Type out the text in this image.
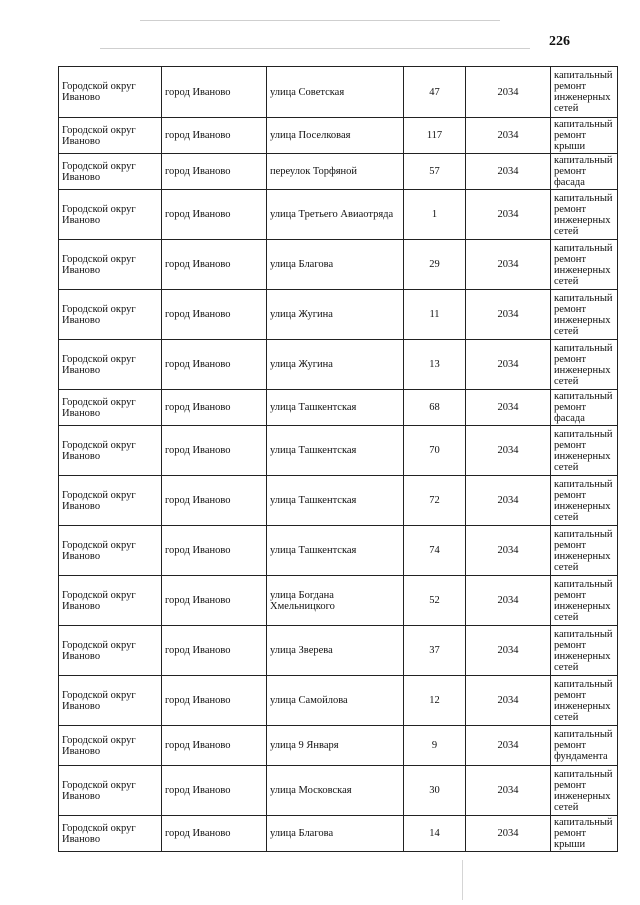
226
Городской округ Иваново	город Иваново	улица Советская	47	2034	капитальный ремонт инженерных сетей
Городской округ Иваново	город Иваново	улица Поселковая	117	2034	капитальный ремонт крыши
Городской округ Иваново	город Иваново	переулок Торфяной	57	2034	капитальный ремонт фасада
Городской округ Иваново	город Иваново	улица Третьего Авиаотряда	1	2034	капитальный ремонт инженерных сетей
Городской округ Иваново	город Иваново	улица Благова	29	2034	капитальный ремонт инженерных сетей
Городской округ Иваново	город Иваново	улица Жугина	11	2034	капитальный ремонт инженерных сетей
Городской округ Иваново	город Иваново	улица Жугина	13	2034	капитальный ремонт инженерных сетей
Городской округ Иваново	город Иваново	улица Ташкентская	68	2034	капитальный ремонт фасада
Городской округ Иваново	город Иваново	улица Ташкентская	70	2034	капитальный ремонт инженерных сетей
Городской округ Иваново	город Иваново	улица Ташкентская	72	2034	капитальный ремонт инженерных сетей
Городской округ Иваново	город Иваново	улица Ташкентская	74	2034	капитальный ремонт инженерных сетей
Городской округ Иваново	город Иваново	улица Богдана Хмельницкого	52	2034	капитальный ремонт инженерных сетей
Городской округ Иваново	город Иваново	улица Зверева	37	2034	капитальный ремонт инженерных сетей
Городской округ Иваново	город Иваново	улица Самойлова	12	2034	капитальный ремонт инженерных сетей
Городской округ Иваново	город Иваново	улица 9 Января	9	2034	капитальный ремонт фундамента
Городской округ Иваново	город Иваново	улица Московская	30	2034	капитальный ремонт инженерных сетей
Городской округ Иваново	город Иваново	улица Благова	14	2034	капитальный ремонт крыши
